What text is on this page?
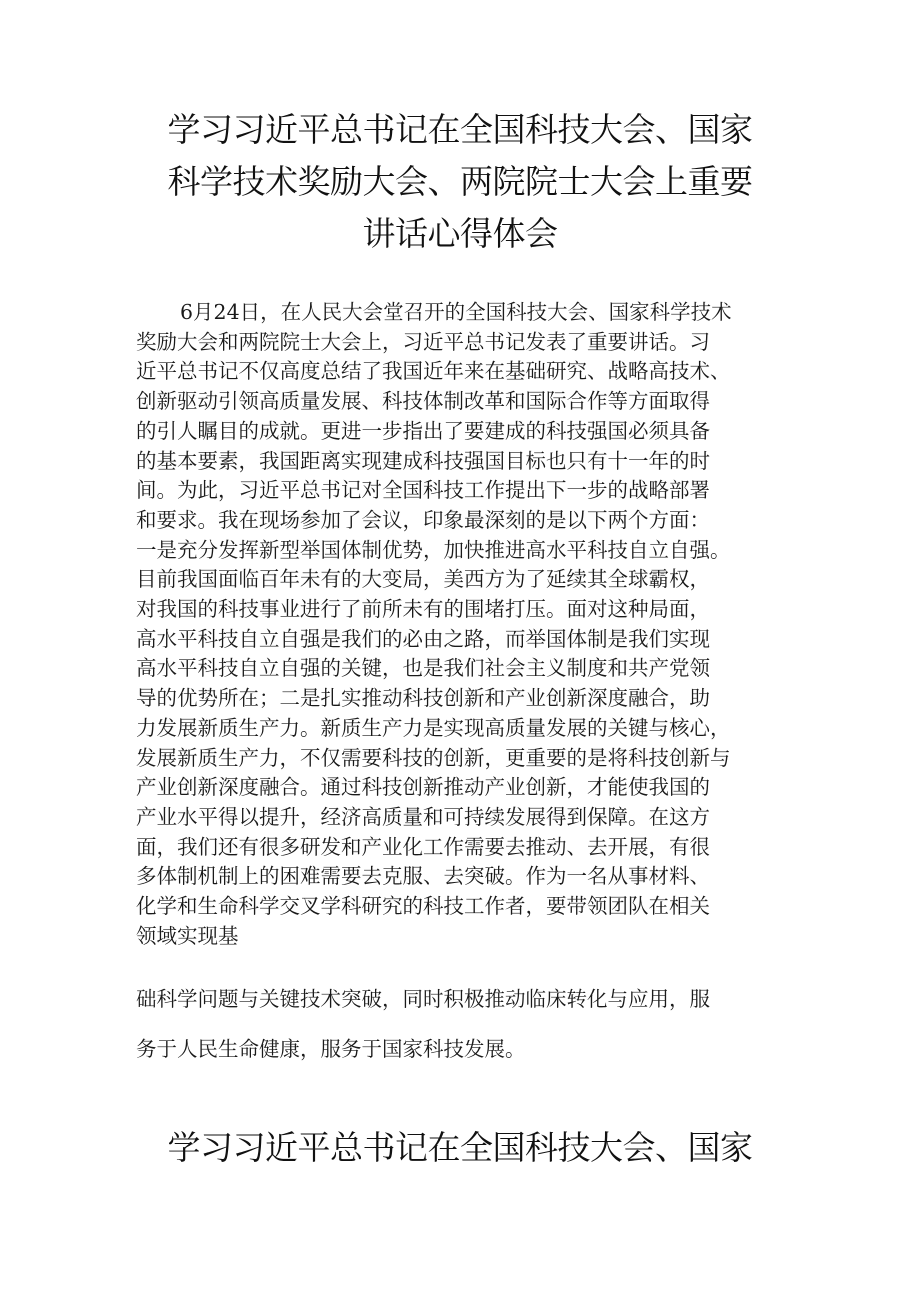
学习习近平总书记在全国科技大会、国家
科学技术奖励大会、两院院士大会上重要
讲话心得体会
6月24日，在人民大会堂召开的全国科技大会、国家科学技术
奖励大会和两院院士大会上，习近平总书记发表了重要讲话。习
近平总书记不仅高度总结了我国近年来在基础研究、战略高技术、
创新驱动引领高质量发展、科技体制改革和国际合作等方面取得
的引人瞩目的成就。更进一步指出了要建成的科技强国必须具备
的基本要素，我国距离实现建成科技强国目标也只有十一年的时
间。为此，习近平总书记对全国科技工作提出下一步的战略部署
和要求。我在现场参加了会议，印象最深刻的是以下两个方面：
一是充分发挥新型举国体制优势，加快推进高水平科技自立自强。
目前我国面临百年未有的大变局，美西方为了延续其全球霸权，
对我国的科技事业进行了前所未有的围堵打压。面对这种局面，
高水平科技自立自强是我们的必由之路，而举国体制是我们实现
高水平科技自立自强的关键，也是我们社会主义制度和共产党领
导的优势所在；二是扎实推动科技创新和产业创新深度融合，助
力发展新质生产力。新质生产力是实现高质量发展的关键与核心，
发展新质生产力，不仅需要科技的创新，更重要的是将科技创新与
产业创新深度融合。通过科技创新推动产业创新，才能使我国的
产业水平得以提升，经济高质量和可持续发展得到保障。在这方
面，我们还有很多研发和产业化工作需要去推动、去开展，有很
多体制机制上的困难需要去克服、去突破。作为一名从事材料、
化学和生命科学交叉学科研究的科技工作者，要带领团队在相关
领域实现基
础科学问题与关键技术突破，同时积极推动临床转化与应用，服
务于人民生命健康，服务于国家科技发展。
学习习近平总书记在全国科技大会、国家
